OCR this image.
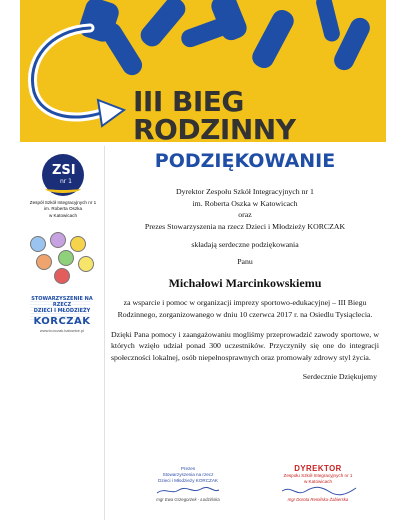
III BIEG RODZINNY
ZSI
nr 1
Zespół Szkół Integracyjnych nr 1
im. Roberta Oszka
w Katowicach
STOWARZYSZENIE NA RZECZ
DZIECI I MŁODZIEŻY
KORCZAK
www.korczak.katowice.pl
PODZIĘKOWANIE
Dyrektor Zespołu Szkół Integracyjnych nr 1
im. Roberta Oszka w Katowicach
oraz
Prezes Stowarzyszenia na rzecz Dzieci i Młodzieży KORCZAK
składają serdeczne podziękowania
Panu
Michałowi Marcinkowskiemu
za wsparcie i pomoc w organizacji imprezy sportowo-edukacyjnej – III Biegu Rodzinnego, zorganizowanego w dniu 10 czerwca 2017 r. na Osiedlu Tysiąclecia.
Dzięki Pana pomocy i zaangażowaniu mogliśmy przeprowadzić zawody sportowe, w których wzięło udział ponad 300 uczestników. Przyczyniły się one do integracji społeczności lokalnej, osób niepełnosprawnych oraz promowały zdrowy styl życia.
Serdecznie Dziękujemy
Prezes
Stowarzyszenia na rzecz
Dzieci i Młodzieży KORCZAK
mgr Ewa Grzegorzek - Łodzińska
DYREKTOR
Zespołu Szkół Integracyjnych nr 1
w Katowicach
mgr Dorota Remilska-Żabierska
